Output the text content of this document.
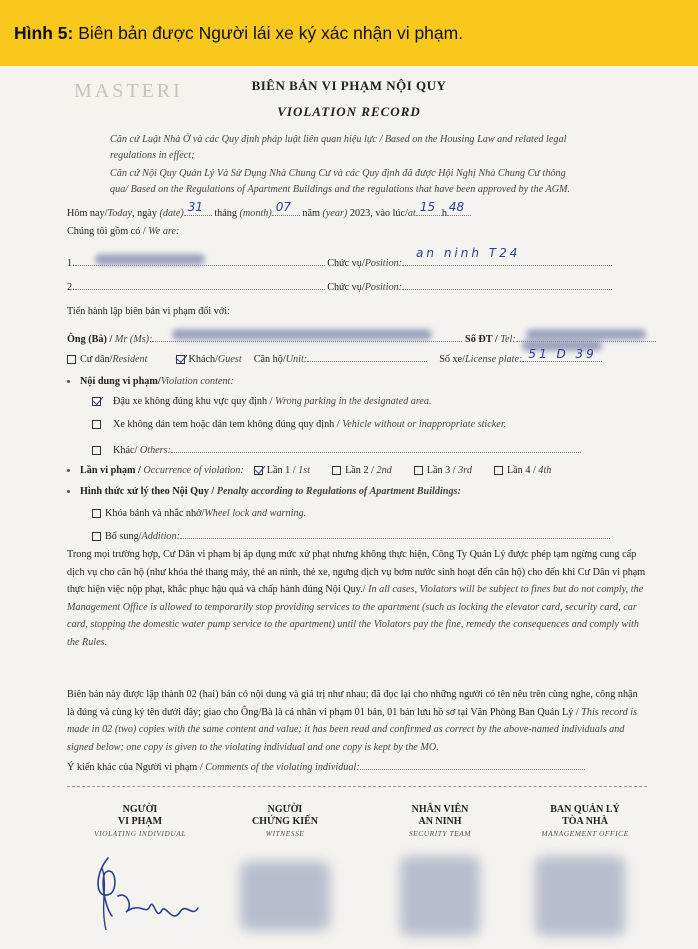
Hình 5: Biên bản được Người lái xe ký xác nhận vi phạm.
MASTERI	BIÊN BẢN VI PHẠM NỘI QUY
VIOLATION RECORD
Căn cứ Luật Nhà Ở và các Quy định pháp luật liên quan hiệu lực / Based on the Housing Law and related legal
regulations in effect;
Căn cứ Nội Quy Quản Lý Và Sử Dụng Nhà Chung Cư và các Quy định đã được Hội Nghị Nhà Chung Cư thông
qua/ Based on the Regulations of Apartment Buildings and the regulations that have been approved by the AGM.
Hôm nay/Today, ngày (date) 31 tháng (month) 07 năm (year) 2023, vào lúc/at 15 h 48
Chúng tôi gồm có / We are:
1.	Chức vụ/Position:
an ninh T24
2.	Chức vụ/Position:
Tiến hành lập biên bản vi phạm đối với:
Ông (Bà) / Mr (Ms):	Số ĐT / Tel:
Cư dân/Resident	Khách/Guest Căn hộ/Unit:	Số xe/License plate: 51 D 39
Nội dung vi phạm/Violation content:
Đậu xe không đúng khu vực quy định / Wrong parking in the designated area.
Xe không dán tem hoặc dán tem không đúng quy định / Vehicle without or inappropriate sticker.
Khác/ Others:
Lần vi phạm / Occurrence of violation: Lần 1 / 1st	Lần 2 / 2nd	Lần 3 / 3rd	Lần 4 / 4th
Hình thức xử lý theo Nội Quy / Penalty according to Regulations of Apartment Buildings:
Khóa bánh và nhắc nhở/Wheel lock and warning.
Bổ sung/Addition:
Trong mọi trường hợp, Cư Dân vi phạm bị áp dụng mức xử phạt nhưng không thực hiện, Công Ty Quản Lý được phép tạm ngừng cung cấp dịch vụ cho căn hộ (như khóa thẻ thang máy, thẻ an ninh, thẻ xe, ngưng dịch vụ bơm nước sinh hoạt đến căn hộ) cho đến khi Cư Dân vi phạm thực hiện việc nộp phạt, khắc phục hậu quả và chấp hành đúng Nội Quy./ In all cases, Violators will be subject to fines but do not comply, the Management Office is allowed to temporarily stop providing services to the apartment (such as locking the elevator card, security card, car card, stopping the domestic water pump service to the apartment) until the Violators pay the fine, remedy the consequences and comply with the Rules.
Biên bản này được lập thành 02 (hai) bản có nội dung và giá trị như nhau; đã đọc lại cho những người có tên nêu trên cùng nghe, công nhận là đúng và cùng ký tên dưới đây; giao cho Ông/Bà là cá nhân vi phạm 01 bản, 01 bản lưu hồ sơ tại Văn Phòng Ban Quản Lý / This record is made in 02 (two) copies with the same content and value; it has been read and confirmed as correct by the above-named individuals and signed below; one copy is given to the violating individual and one copy is kept by the MO.
Ý kiến khác của Người vi phạm / Comments of the violating individual:
NGƯỜI
VI PHẠM
VIOLATING INDIVIDUAL
NGƯỜI
CHỨNG KIẾN
WITNESSE
NHÂN VIÊN
AN NINH
SECURITY TEAM
BAN QUẢN LÝ
TÒA NHÀ
MANAGEMENT OFFICE
